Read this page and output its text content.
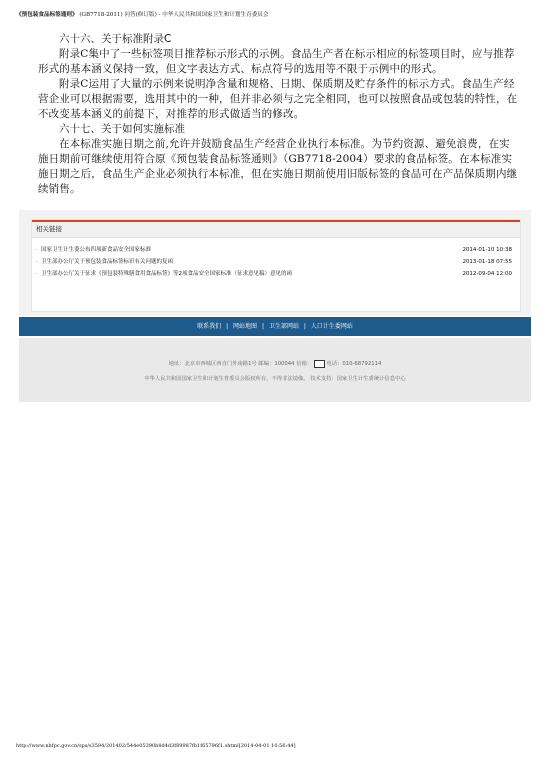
《预包装食品标签通则》 (GB7718-2011) 问答(修订版) - 中华人民共和国国家卫生和计划生育委员会

六十六、关于标准附录C

附录C集中了一些标签项目推荐标示形式的示例。食品生产者在标示相应的标签项目时，应与推荐形式的基本涵义保持一致，但文字表达方式、标点符号的选用等不限于示例中的形式。

附录C运用了大量的示例来说明净含量和规格、日期、保质期及贮存条件的标示方式。食品生产经营企业可以根据需要，选用其中的一种，但并非必须与之完全相同，也可以按照食品或包装的特性，在不改变基本涵义的前提下，对推荐的形式做适当的修改。

六十七、关于如何实施标准

在本标准实施日期之前,允许并鼓励食品生产经营企业执行本标准。为节约资源、避免浪费，在实施日期前可继续使用符合原《预包装食品标签通则》（GB7718-2004）要求的食品标签。在本标准实施日期之后，食品生产企业必须执行本标准，但在实施日期前使用旧版标签的食品可在产品保质期内继续销售。

相关链接
· 国家卫生计生委公布四项新食品安全国家标准	2014-01-10 10:38
· 卫生部办公厅关于预包装食品标签标识有关问题的复函	2013-01-18 07:55
· 卫生部办公厅关于征求《预包装特殊膳食用食品标签》等2项食品安全国家标准（征求意见稿）意见的函	2012-09-04 12:00
联系我们 | 网站地图 | 卫生部网站 | 人口计生委网站
地址：北京市西城区西直门外南路1号 邮编：100044 信箱：	电话：010-68792114
中华人民共和国国家卫生和计划生育委员会版权所有，不得非法镜像。 技术支持：国家卫生计生委统计信息中心
http://www.nhfpc.gov.cn/sps/s3594/201402/544e05390b8d4d3f89987fb1f65796f1.shtml[2014-04-01 10:56:44]
